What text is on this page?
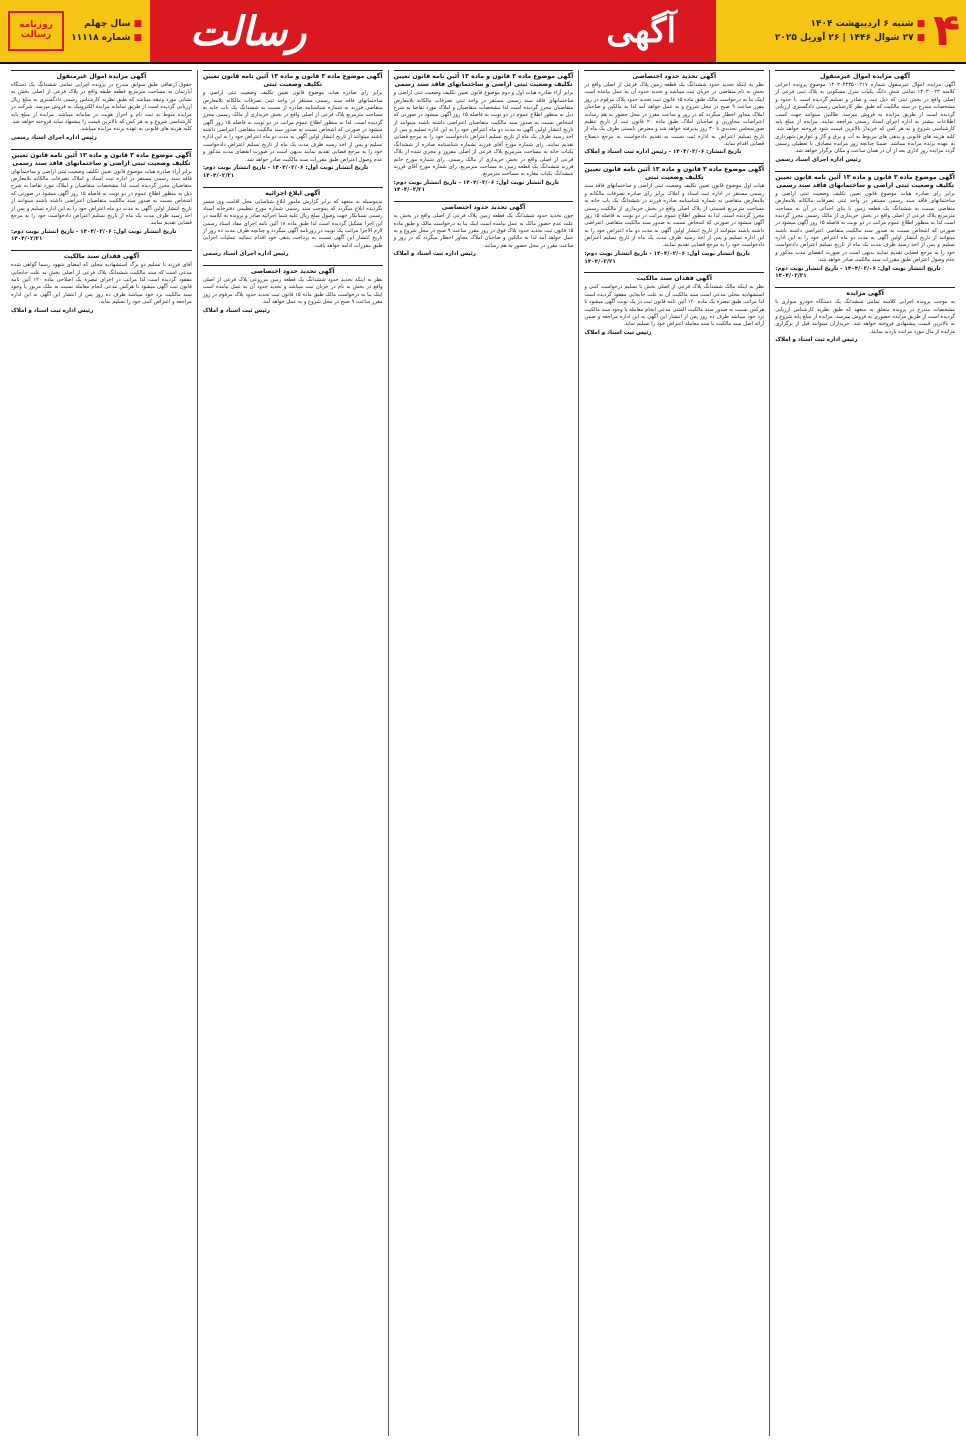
۴
■شنبه ۶ اردیبهشت ۱۴۰۴
■۲۷ شوال ۱۴۴۶ | ۲۶ آوریل ۲۰۲۵
آگهی
رسالت
■سال چهلم
■شماره ۱۱۱۱۸
روزنامه
رسالت
آگهی مزایده اموال غیرمنقول

آگهی مزایده اموال غیرمنقول شماره ۱۴۰۳۰۴۴۳۵۰۰۲۱۷ موضوع پرونده اجرایی کلاسه ۱۴۰۳۰۰۲۳ تمامی شش دانگ یکباب منزل مسکونی به پلاک ثبتی فرعی از اصلی واقع در بخش ثبتی که ذیل ثبت و صادر و تسلیم گردیده است با حدود و مشخصات مندرج در سند مالکیت که طبق نظر کارشناس رسمی دادگستری ارزیابی گردیده است از طریق مزایده به فروش میرسد. طالبین میتوانند جهت کسب اطلاعات بیشتر به اداره اجرای اسناد رسمی مراجعه نمایند. مزایده از مبلغ پایه کارشناسی شروع و به هر کس که خریدار بالاترین قیمت شود فروخته خواهد شد. کلیه هزینه های قانونی و بدهی های مربوط به آب و برق و گاز و عوارض شهرداری به عهده برنده مزایده میباشد. ضمنا چنانچه روز مزایده مصادف با تعطیلی رسمی گردد مزایده روز اداری بعد از آن در همان ساعت و مکان برگزار خواهد شد.

رئیس اداره اجرای اسناد رسمی
آگهی موضوع ماده ۳ قانون و ماده ۱۳ آئین نامه قانون تعیین تکلیف وضعیت ثبتی اراضی و ساختمانهای فاقد سند رسمی

برابر رای صادره هیات موضوع قانون تعیین تکلیف وضعیت ثبتی اراضی و ساختمانهای فاقد سند رسمی مستقر در واحد ثبتی تصرفات مالکانه بلامعارض متقاضی نسبت به ششدانگ یک قطعه زمین با بنای احداثی در آن به مساحت مترمربع پلاک فرعی از اصلی واقع در بخش خریداری از مالک رسمی محرز گردیده است لذا به منظور اطلاع عموم مراتب در دو نوبت به فاصله ۱۵ روز آگهی میشود در صورتی که اشخاص نسبت به صدور سند مالکیت متقاضی اعتراضی داشته باشند میتوانند از تاریخ انتشار اولین آگهی به مدت دو ماه اعتراض خود را به این اداره تسلیم و پس از اخذ رسید ظرف مدت یک ماه از تاریخ تسلیم اعتراض دادخواست خود را به مرجع قضایی تقدیم نمایند بدیهی است در صورت انقضای مدت مذکور و عدم وصول اعتراض طبق مقررات سند مالکیت صادر خواهد شد.

تاریخ انتشار نوبت اول: ۱۴۰۴/۰۲/۰۶ - تاریخ انتشار نوبت دوم: ۱۴۰۴/۰۲/۲۱
آگهی مزایده

به موجب پرونده اجرایی کلاسه تمامی ششدانگ یک دستگاه خودرو سواری با مشخصات مندرج در پرونده متعلق به متعهد که طبق نظریه کارشناس ارزیابی گردیده است از طریق مزایده حضوری به فروش میرسد. مزایده از مبلغ پایه شروع و به بالاترین قیمت پیشنهادی فروخته خواهد شد. خریداران میتوانند قبل از برگزاری مزایده از مال مورد مزایده بازدید نمایند.

رئیس اداره ثبت اسناد و املاک
آگهی تحدید حدود اختصاصی

نظر به اینکه تحدید حدود ششدانگ یک قطعه زمین پلاک فرعی از اصلی واقع در بخش به نام متقاضی در جریان ثبت میباشد و تحدید حدود آن به عمل نیامده است اینک بنا به درخواست مالک طبق ماده ۱۵ قانون ثبت تحدید حدود پلاک مرقوم در روز مقرر ساعت ۹ صبح در محل شروع و به عمل خواهد آمد لذا به مالکین و صاحبان املاک مجاور اخطار میگردد که در روز و ساعت مقرر در محل حضور به هم رسانند اعتراضات مجاورین و صاحبان املاک طبق ماده ۲۰ قانون ثبت از تاریخ تنظیم صورتمجلس تحدیدی تا ۳۰ روز پذیرفته خواهد شد و معترض بایستی ظرف یک ماه از تاریخ تسلیم اعتراض به اداره ثبت نسبت به تقدیم دادخواست به مرجع ذیصلاح قضایی اقدام نماید.

تاریخ انتشار: ۱۴۰۴/۰۲/۰۶ - رئیس اداره ثبت اسناد و املاک
آگهی موضوع ماده ۳ قانون و ماده ۱۳ آئین نامه قانون تعیین تکلیف وضعیت ثبتی

هیات اول موضوع قانون تعیین تکلیف وضعیت ثبتی اراضی و ساختمانهای فاقد سند رسمی مستقر در اداره ثبت اسناد و املاک برابر رای صادره تصرفات مالکانه و بلامعارض متقاضی به شماره شناسنامه صادره فرزند در ششدانگ یک باب خانه به مساحت مترمربع قسمتی از پلاک اصلی واقع در بخش خریداری از مالکیت رسمی محرز گردیده است. لذا به منظور اطلاع عموم مراتب در دو نوبت به فاصله ۱۵ روز آگهی میشود در صورتی که اشخاص نسبت به صدور سند مالکیت متقاضی اعتراضی داشته باشند میتوانند از تاریخ انتشار اولین آگهی به مدت دو ماه اعتراض خود را به این اداره تسلیم و پس از اخذ رسید ظرف مدت یک ماه از تاریخ تسلیم اعتراض دادخواست خود را به مرجع قضایی تقدیم نمایند.

تاریخ انتشار نوبت اول: ۱۴۰۴/۰۲/۰۶ - تاریخ انتشار نوبت دوم: ۱۴۰۴/۰۲/۲۱
آگهی فقدان سند مالکیت

نظر به اینکه مالک ششدانگ پلاک فرعی از اصلی بخش با تسلیم درخواست کتبی و استشهادیه محلی مدعی است سند مالکیت آن به علت جابجایی مفقود گردیده است لذا مراتب طبق تبصره یک ماده ۱۲۰ آئین نامه قانون ثبت در یک نوبت آگهی میشود تا هرکس نسبت به صدور سند مالکیت المثنی مدعی انجام معامله یا وجود سند مالکیت نزد خود میباشد ظرف ده روز پس از انتشار این آگهی به این اداره مراجعه و ضمن ارائه اصل سند مالکیت یا سند معامله اعتراض خود را تسلیم نماید.

رئیس ثبت اسناد و املاک
آگهی موضوع ماده ۳ قانون و ماده ۱۳ آئین نامه قانون تعیین تکلیف وضعیت ثبتی اراضی و ساختمانهای فاقد سند رسمی

برابر آراء صادره هیات اول و دوم موضوع قانون تعیین تکلیف وضعیت ثبتی اراضی و ساختمانهای فاقد سند رسمی مستقر در واحد ثبتی تصرفات مالکانه بلامعارض متقاضیان محرز گردیده است لذا مشخصات متقاضیان و املاک مورد تقاضا به شرح ذیل به منظور اطلاع عموم در دو نوبت به فاصله ۱۵ روز آگهی میشود در صورتی که اشخاص نسبت به صدور سند مالکیت متقاضیان اعتراضی داشته باشند میتوانند از تاریخ انتشار اولین آگهی به مدت دو ماه اعتراض خود را به این اداره تسلیم و پس از اخذ رسید ظرف یک ماه از تاریخ تسلیم اعتراض دادخواست خود را به مرجع قضایی تقدیم نمایند. رای شماره مورخ آقای فرزند بشماره شناسنامه صادره از ششدانگ یکباب خانه به مساحت مترمربع پلاک فرعی از اصلی مفروز و مجزی شده از پلاک فرعی از اصلی واقع در بخش خریداری از مالک رسمی. رای شماره مورخ خانم فرزند ششدانگ یک قطعه زمین به مساحت مترمربع. رای شماره مورخ آقای فرزند ششدانگ یکباب مغازه به مساحت مترمربع.

تاریخ انتشار نوبت اول: ۱۴۰۴/۰۲/۰۶ - تاریخ انتشار نوبت دوم: ۱۴۰۴/۰۲/۲۱
آگهی تحدید حدود اختصاصی

چون تحدید حدود ششدانگ یک قطعه زمین پلاک فرعی از اصلی واقع در بخش به علت عدم حضور مالک به عمل نیامده است اینک بنا به درخواست مالک و طبق ماده ۱۵ قانون ثبت تحدید حدود پلاک فوق در روز مقرر ساعت ۹ صبح در محل شروع و به عمل خواهد آمد لذا به مالکین و صاحبان املاک مجاور اخطار میگردد که در روز و ساعت مقرر در محل حضور به هم رسانند.

رئیس اداره ثبت اسناد و املاک
آگهی موضوع ماده ۳ قانون و ماده ۱۳ آئین نامه قانون تعیین تکلیف وضعیت ثبتی

برابر رای صادره هیات موضوع قانون تعیین تکلیف وضعیت ثبتی اراضی و ساختمانهای فاقد سند رسمی مستقر در واحد ثبتی تصرفات مالکانه بلامعارض متقاضی فرزند به شماره شناسنامه صادره از نسبت به ششدانگ یک باب خانه به مساحت مترمربع پلاک فرعی از اصلی واقع در بخش خریداری از مالک رسمی محرز گردیده است. لذا به منظور اطلاع عموم مراتب در دو نوبت به فاصله ۱۵ روز آگهی میشود در صورتی که اشخاص نسبت به صدور سند مالکیت متقاضی اعتراضی داشته باشند میتوانند از تاریخ انتشار اولین آگهی به مدت دو ماه اعتراض خود را به این اداره تسلیم و پس از اخذ رسید ظرف مدت یک ماه از تاریخ تسلیم اعتراض دادخواست خود را به مرجع قضایی تقدیم نمایند بدیهی است در صورت انقضای مدت مذکور و عدم وصول اعتراض طبق مقررات سند مالکیت صادر خواهد شد.

تاریخ انتشار نوبت اول: ۱۴۰۴/۰۲/۰۶ - تاریخ انتشار نوبت دوم: ۱۴۰۴/۰۲/۲۱
آگهی ابلاغ اجرائیه

بدینوسیله به متعهد که برابر گزارش مامور ابلاغ شناسایی محل اقامت وی میسر نگردیده ابلاغ میگردد که بموجب سند رسمی شماره مورخ تنظیمی دفترخانه اسناد رسمی بستانکار جهت وصول مبلغ ریال علیه شما اجرائیه صادر و پرونده به کلاسه در این اجرا تشکیل گردیده است لذا طبق ماده ۱۸ آئین نامه اجرای مفاد اسناد رسمی لازم الاجرا مراتب یک نوبت در روزنامه آگهی میگردد و چنانچه ظرف مدت ده روز از تاریخ انتشار این آگهی نسبت به پرداخت بدهی خود اقدام ننمائید عملیات اجرایی طبق مقررات ادامه خواهد یافت.

رئیس اداره اجرای اسناد رسمی
آگهی تحدید حدود اختصاصی

نظر به اینکه تحدید حدود ششدانگ یک قطعه زمین مزروعی پلاک فرعی از اصلی واقع در بخش به نام در جریان ثبت میباشد و تحدید حدود آن به عمل نیامده است اینک بنا به درخواست مالک طبق ماده ۱۵ قانون ثبت تحدید حدود پلاک مرقوم در روز مقرر ساعت ۹ صبح در محل شروع و به عمل خواهد آمد.

رئیس ثبت اسناد و املاک
آگهی مزایده اموال غیرمنقول

حقوق ارتفاقی طبق سوابق مندرج در پرونده اجرایی تمامی ششدانگ یک دستگاه آپارتمان به مساحت مترمربع قطعه طبقه واقع در پلاک فرعی از اصلی بخش به نشانی مورد وثیقه میباشد که طبق نظریه کارشناس رسمی دادگستری به مبلغ ریال ارزیابی گردیده است از طریق سامانه مزایده الکترونیک به فروش میرسد. شرکت در مزایده منوط به ثبت نام و احراز هویت در سامانه میباشد. مزایده از مبلغ پایه کارشناسی شروع و به هر کس که بالاترین قیمت را پیشنهاد نماید فروخته خواهد شد. کلیه هزینه های قانونی به عهده برنده مزایده میباشد.

رئیس اداره اجرای اسناد رسمی
آگهی موضوع ماده ۳ قانون و ماده ۱۳ آئین نامه قانون تعیین تکلیف وضعیت ثبتی اراضی و ساختمانهای فاقد سند رسمی

برابر آراء صادره هیات موضوع قانون تعیین تکلیف وضعیت ثبتی اراضی و ساختمانهای فاقد سند رسمی مستقر در اداره ثبت اسناد و املاک تصرفات مالکانه بلامعارض متقاضیان محرز گردیده است لذا مشخصات متقاضیان و املاک مورد تقاضا به شرح ذیل به منظور اطلاع عموم در دو نوبت به فاصله ۱۵ روز آگهی میشود در صورتی که اشخاص نسبت به صدور سند مالکیت متقاضیان اعتراضی داشته باشند میتوانند از تاریخ انتشار اولین آگهی به مدت دو ماه اعتراض خود را به این اداره تسلیم و پس از اخذ رسید ظرف مدت یک ماه از تاریخ تسلیم اعتراض دادخواست خود را به مرجع قضایی تقدیم نمایند.

تاریخ انتشار نوبت اول: ۱۴۰۴/۰۲/۰۶ - تاریخ انتشار نوبت دوم: ۱۴۰۴/۰۲/۲۱
آگهی فقدان سند مالکیت

آقای فرزند با تسلیم دو برگ استشهادیه محلی که امضای شهود رسما گواهی شده مدعی است که سند مالکیت ششدانگ پلاک فرعی از اصلی بخش به علت جابجایی مفقود گردیده است لذا مراتب در اجرای تبصره یک اصلاحی ماده ۱۲۰ آئین نامه قانون ثبت آگهی میشود تا هرکس مدعی انجام معامله نسبت به ملک مزبور یا وجود سند مالکیت نزد خود میباشد ظرف ده روز پس از انتشار این آگهی به این اداره مراجعه و اعتراض کتبی خود را تسلیم نماید.

رئیس اداره ثبت اسناد و املاک
